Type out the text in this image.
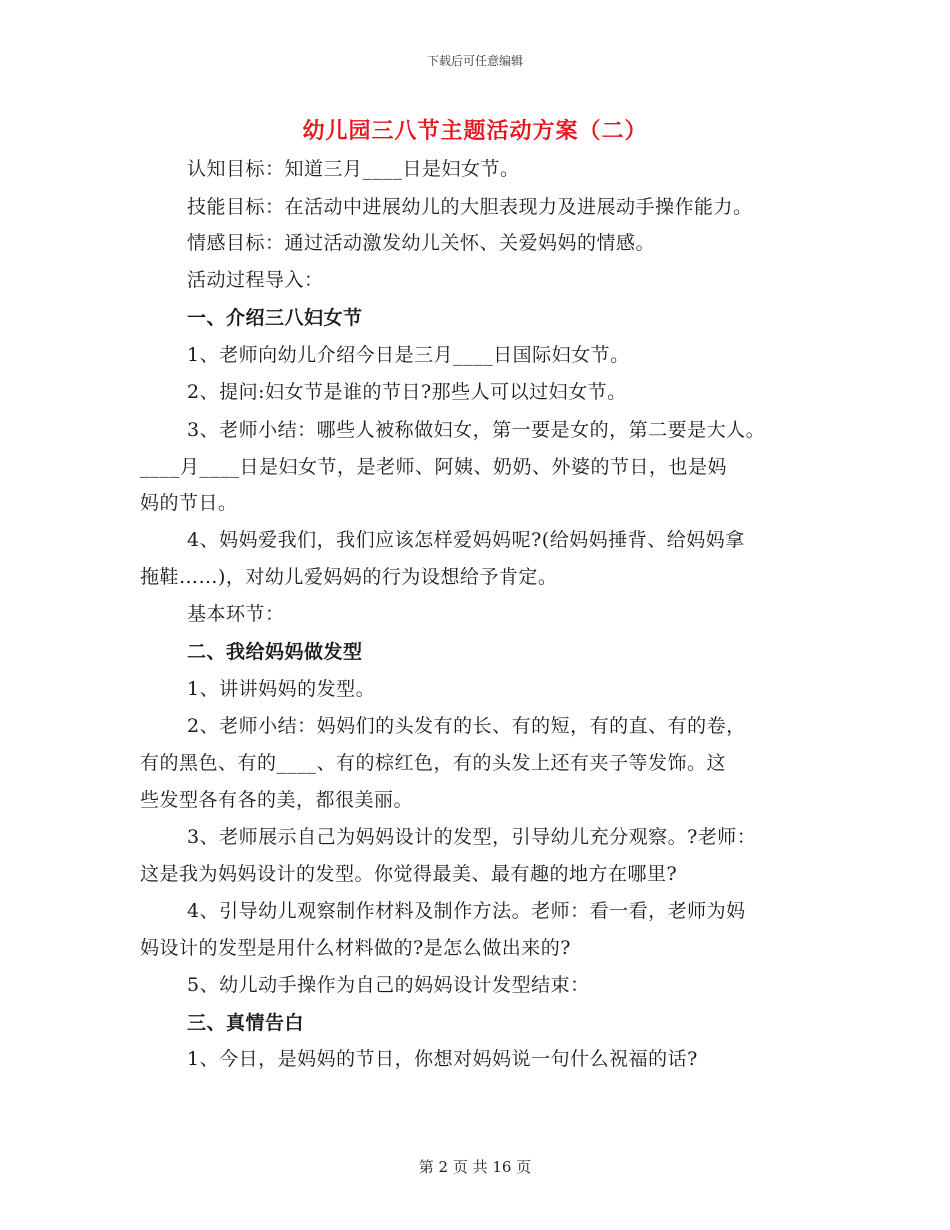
下载后可任意编辑
幼儿园三八节主题活动方案（二）
认知目标：知道三月____日是妇女节。
技能目标：在活动中进展幼儿的大胆表现力及进展动手操作能力。
情感目标：通过活动激发幼儿关怀、关爱妈妈的情感。
活动过程导入：
一、介绍三八妇女节
1、老师向幼儿介绍今日是三月____日国际妇女节。
2、提问:妇女节是谁的节日?那些人可以过妇女节。
3、老师小结：哪些人被称做妇女，第一要是女的，第二要是大人。
____月____日是妇女节，是老师、阿姨、奶奶、外婆的节日，也是妈
妈的节日。
4、妈妈爱我们，我们应该怎样爱妈妈呢?(给妈妈捶背、给妈妈拿
拖鞋……)，对幼儿爱妈妈的行为设想给予肯定。
基本环节：
二、我给妈妈做发型
1、讲讲妈妈的发型。
2、老师小结：妈妈们的头发有的长、有的短，有的直、有的卷，
有的黑色、有的____、有的棕红色，有的头发上还有夹子等发饰。这
些发型各有各的美，都很美丽。
3、老师展示自己为妈妈设计的发型，引导幼儿充分观察。?老师：
这是我为妈妈设计的发型。你觉得最美、最有趣的地方在哪里?
4、引导幼儿观察制作材料及制作方法。老师：看一看，老师为妈
妈设计的发型是用什么材料做的?是怎么做出来的?
5、幼儿动手操作为自己的妈妈设计发型结束：
三、真情告白
1、今日，是妈妈的节日，你想对妈妈说一句什么祝福的话?
第 2 页 共 16 页
